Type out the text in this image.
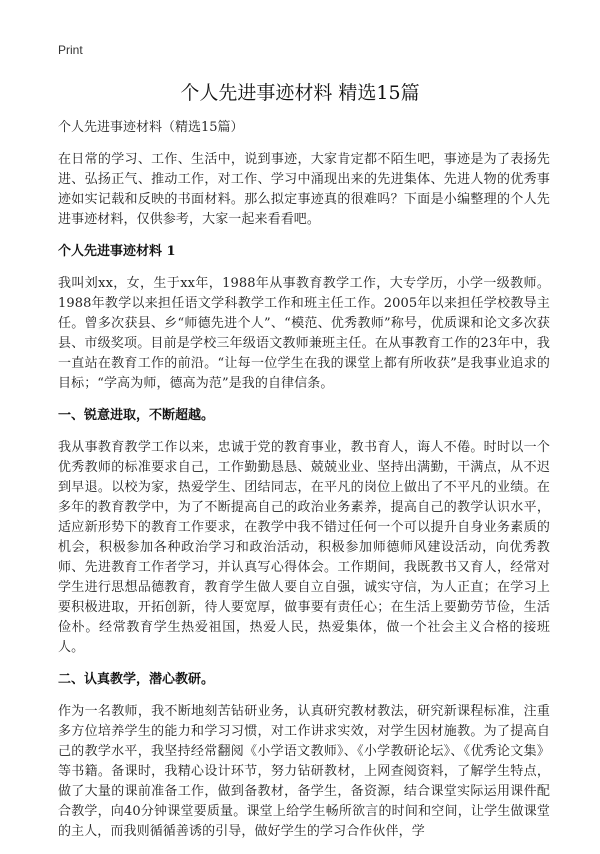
Print
个人先进事迹材料 精选15篇

个人先进事迹材料（精选15篇）

在日常的学习、工作、生活中，说到事迹，大家肯定都不陌生吧，事迹是为了表扬先进、弘扬正气、推动工作，对工作、学习中涌现出来的先进集体、先进人物的优秀事迹如实记载和反映的书面材料。那么拟定事迹真的很难吗？下面是小编整理的个人先进事迹材料，仅供参考，大家一起来看看吧。

个人先进事迹材料 1

我叫刘xx，女，生于xx年，1988年从事教育教学工作，大专学历，小学一级教师。1988年教学以来担任语文学科教学工作和班主任工作。2005年以来担任学校教导主任。曾多次获县、乡“师德先进个人”、“模范、优秀教师”称号，优质课和论文多次获县、市级奖项。目前是学校三年级语文教师兼班主任。在从事教育工作的23年中，我一直站在教育工作的前沿。“让每一位学生在我的课堂上都有所收获”是我事业追求的目标；“学高为师，德高为范”是我的自律信条。

一、锐意进取，不断超越。

我从事教育教学工作以来，忠诚于党的教育事业，教书育人，诲人不倦。时时以一个优秀教师的标准要求自己，工作勤勤恳恳、兢兢业业、坚持出满勤，干满点，从不迟到早退。以校为家，热爱学生、团结同志，在平凡的岗位上做出了不平凡的业绩。在多年的教育教学中，为了不断提高自己的政治业务素养，提高自己的教学认识水平，适应新形势下的教育工作要求，在教学中我不错过任何一个可以提升自身业务素质的机会，积极参加各种政治学习和政治活动，积极参加师德师风建设活动，向优秀教师、先进教育工作者学习，并认真写心得体会。工作期间，我既教书又育人，经常对学生进行思想品德教育，教育学生做人要自立自强，诚实守信，为人正直；在学习上要积极进取，开拓创新，待人要宽厚，做事要有责任心；在生活上要勤劳节俭，生活俭朴。经常教育学生热爱祖国，热爱人民，热爱集体，做一个社会主义合格的接班人。

二、认真教学，潜心教研。

作为一名教师，我不断地刻苦钻研业务，认真研究教材教法，研究新课程标准，注重多方位培养学生的能力和学习习惯，对工作讲求实效，对学生因材施教。为了提高自己的教学水平，我坚持经常翻阅《小学语文教师》、《小学教研论坛》、《优秀论文集》等书籍。备课时，我精心设计环节，努力钻研教材，上网查阅资料，了解学生特点，做了大量的课前准备工作，做到备教材，备学生，备资源，结合课堂实际运用课件配合教学，向40分钟课堂要质量。课堂上给学生畅所欲言的时间和空间，让学生做课堂的主人，而我则循循善诱的引导，做好学生的学习合作伙伴，学
